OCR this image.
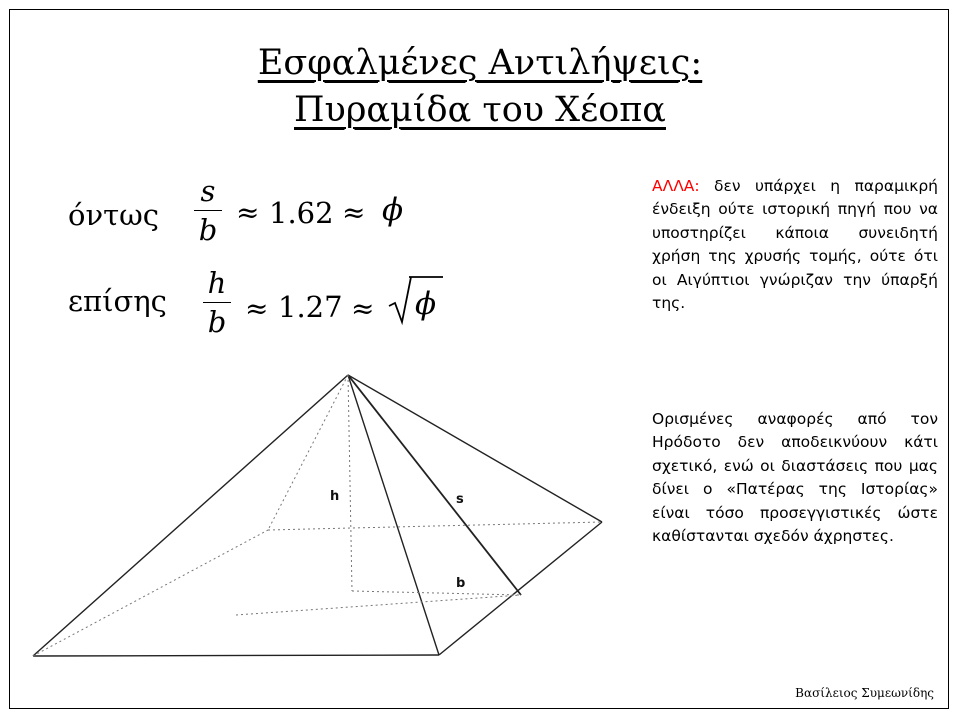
Εσφαλμένες Αντιλήψεις:
Πυραμίδα του Χέοπα
όντως
s
b
≈ 1.62 ≈ ϕ
επίσης
h
b ≈ 1.27 ≈ ϕ
h	s
b
ΑΛΛΑ: δεν υπάρχει η παραμικρή ένδειξη ούτε ιστορική πηγή που να υποστηρίζει κάποια συνειδητή χρήση της χρυσής τομής, ούτε ότι οι Αιγύπτιοι γνώριζαν την ύπαρξή της.
Ορισμένες αναφορές από τον Ηρόδοτο δεν αποδεικνύουν κάτι σχετικό, ενώ οι διαστάσεις που μας δίνει ο «Πατέρας της Ιστορίας» είναι τόσο προσεγγιστικές ώστε καθίστανται σχεδόν άχρηστες.
Βασίλειος Συμεωνίδης
